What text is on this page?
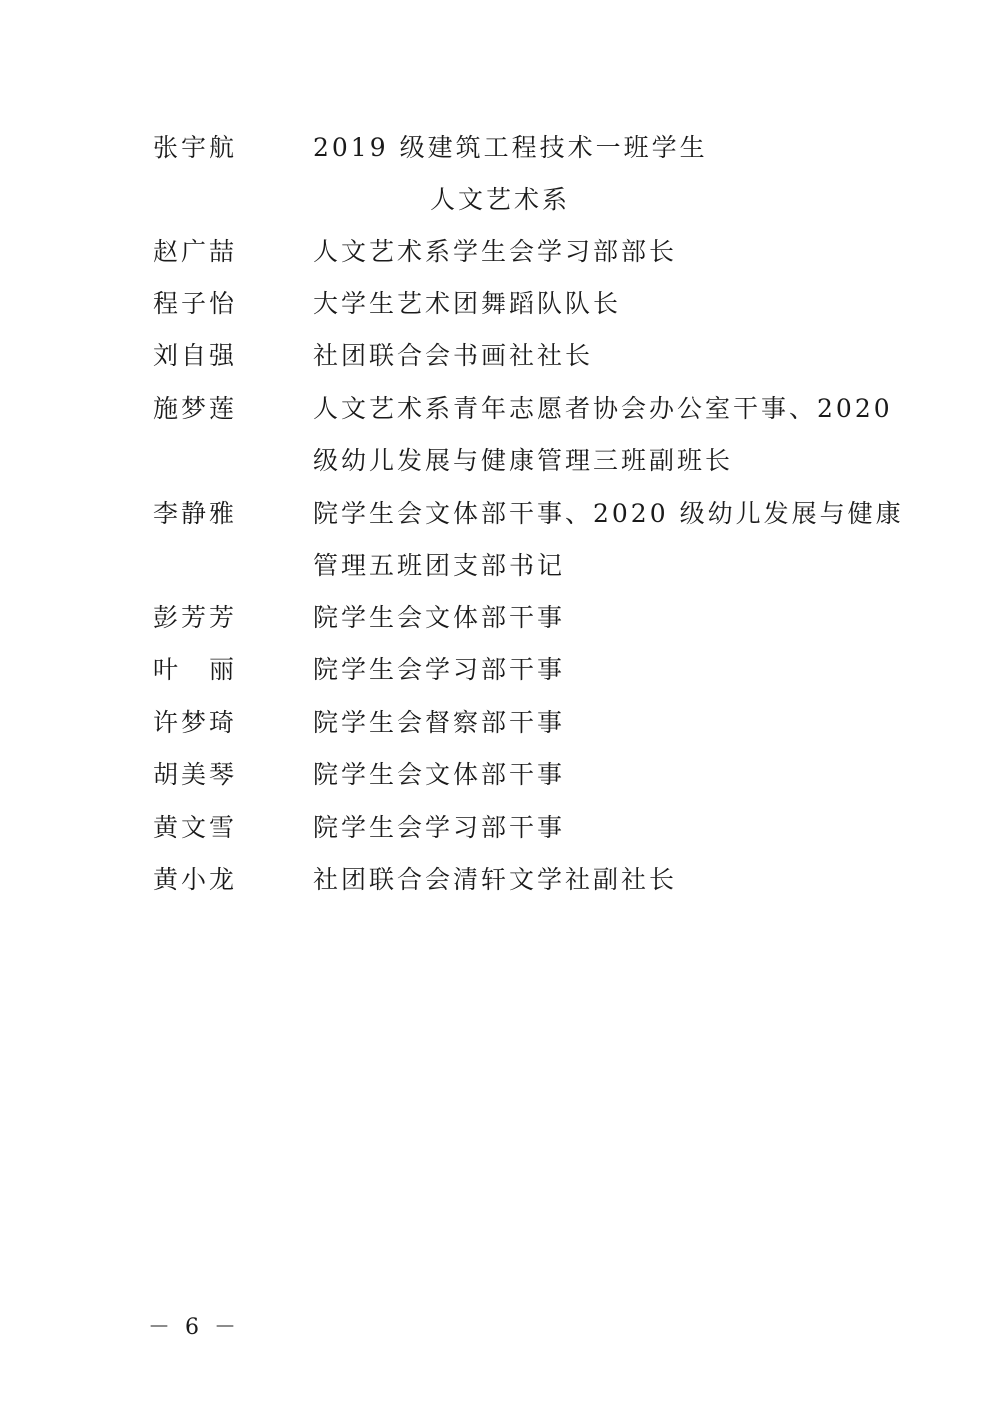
张宇航	2019 级建筑工程技术一班学生
人文艺术系
赵广喆	人文艺术系学生会学习部部长
程子怡	大学生艺术团舞蹈队队长
刘自强	社团联合会书画社社长
施梦莲	人文艺术系青年志愿者协会办公室干事、2020
级幼儿发展与健康管理三班副班长
李静雅	院学生会文体部干事、2020 级幼儿发展与健康
管理五班团支部书记
彭芳芳	院学生会文体部干事
叶　丽	院学生会学习部干事
许梦琦	院学生会督察部干事
胡美琴	院学生会文体部干事
黄文雪	院学生会学习部干事
黄小龙	社团联合会清轩文学社副社长
－ 6 －
